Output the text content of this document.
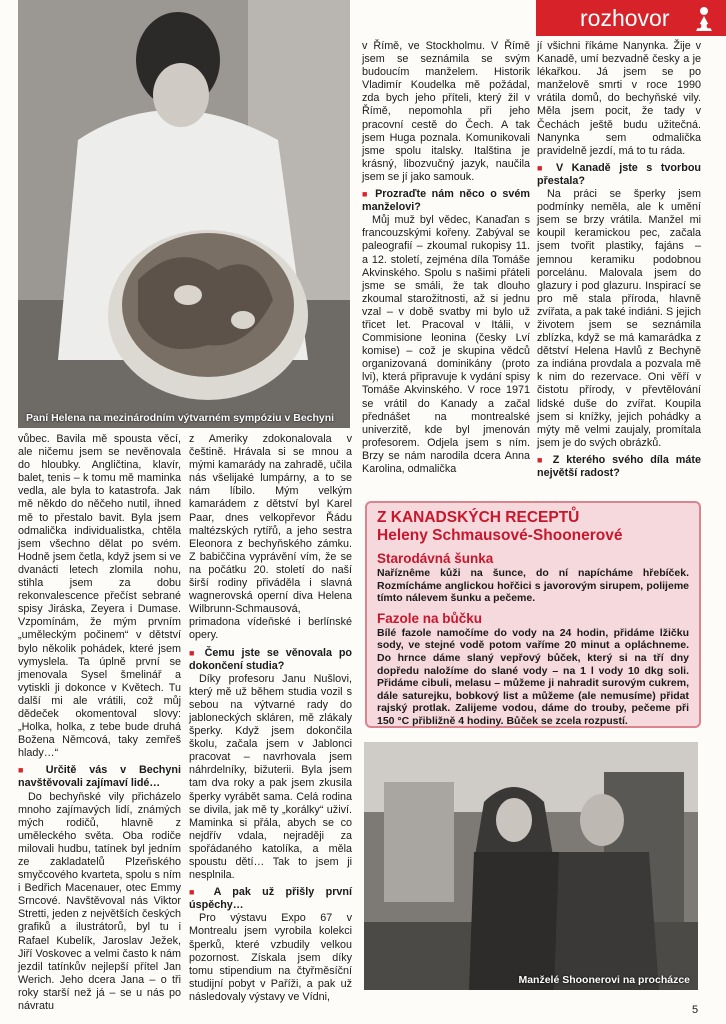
rozhovor
Paní Helena na mezinárodním výtvarném sympóziu v Bechyni

v Římě, ve Stockholmu. V Římě jsem se seznámila se svým budoucím manželem. Historik Vladimír Koudelka mě požádal, zda bych jeho příteli, který žil v Římě, nepomohla při jeho pracovní cestě do Čech. A tak jsem Huga poznala. Komunikovali jsme spolu italsky. Italština je krásný, libozvučný jazyk, naučila jsem se jí jako samouk.

■ Prozraďte nám něco o svém manželovi?

Můj muž byl vědec, Kanaďan s francouzskými kořeny. Zabýval se paleografií – zkoumal rukopisy 11. a 12. století, zejména díla Tomáše Akvinského. Spolu s našimi přáteli jsme se smáli, že tak dlouho zkoumal starožitnosti, až si jednu vzal – v době svatby mi bylo už třicet let. Pracoval v Itálii, v Commisione leonina (česky Lví komise) – což je skupina vědců organizovaná dominikány (proto lvi), která připravuje k vydání spisy Tomáše Akvinského. V roce 1971 se vrátil do Kanady a začal přednášet na montrealské univerzitě, kde byl jmenován profesorem. Odjela jsem s ním. Brzy se nám narodila dcera Anna Karolina, odmalička

jí všichni říkáme Nanynka. Žije v Kanadě, umí bezvadně česky a je lékařkou. Já jsem se po manželově smrti v roce 1990 vrátila domů, do bechyňské vily. Měla jsem pocit, že tady v Čechách ještě budu užitečná. Nanynka sem odmalička pravidelně jezdí, má to tu ráda.

■ V Kanadě jste s tvorbou přestala?

Na práci se šperky jsem podmínky neměla, ale k umění jsem se brzy vrátila. Manžel mi koupil keramickou pec, začala jsem tvořit plastiky, fajáns – jemnou keramiku podobnou porcelánu. Malovala jsem do glazury i pod glazuru. Inspirací se pro mě stala příroda, hlavně zvířata, a pak také indiáni. S jejich životem jsem se seznámila zblízka, když se má kamarádka z dětství Helena Havlů z Bechyně za indiána provdala a pozvala mě k nim do rezervace. Oni věří v čistotu přírody, v převtělování lidské duše do zvířat. Koupila jsem si knížky, jejich pohádky a mýty mě velmi zaujaly, promítala jsem je do svých obrázků.

■ Z kterého svého díla máte největší radost?

vůbec. Bavila mě spousta věcí, ale ničemu jsem se nevěnovala do hloubky. Angličtina, klavír, balet, tenis – k tomu mě maminka vedla, ale byla to katastrofa. Jak mě někdo do něčeho nutil, ihned mě to přestalo bavit. Byla jsem odmalička individualistka, chtěla jsem všechno dělat po svém. Hodně jsem četla, když jsem si ve dvanácti letech zlomila nohu, stihla jsem za dobu rekonvalescence přečíst sebrané spisy Jiráska, Zeyera i Dumase. Vzpomínám, že mým prvním „uměleckým počinem“ v dětství bylo několik pohádek, které jsem vymyslela. Ta úplně první se jmenovala Sysel šmelinář a vytiskli ji dokonce v Květech. Tu další mi ale vrátili, což můj dědeček okomentoval slovy: „Holka, holka, z tebe bude druhá Božena Němcová, taky zemřeš hlady…“

■ Určitě vás v Bechyni navštěvovali zajímaví lidé…

Do bechyňské vily přicházelo mnoho zajímavých lidí, známých mých rodičů, hlavně z uměleckého světa. Oba rodiče milovali hudbu, tatínek byl jedním ze zakladatelů Plzeňského smyčcového kvarteta, spolu s ním i Bedřich Macenauer, otec Emmy Srncové. Navštěvoval nás Viktor Stretti, jeden z největších českých grafiků a ilustrátorů, byl tu i Rafael Kubelík, Jaroslav Ježek, Jiří Voskovec a velmi často k nám jezdil tatínkův nejlepší přítel Jan Werich. Jeho dcera Jana – o tři roky starší než já – se u nás po návratu

z Ameriky zdokonalovala v češtině. Hrávala si se mnou a mými kamarády na zahradě, učila nás všelijaké lumpárny, a to se nám líbilo. Mým velkým kamarádem z dětství byl Karel Paar, dnes velkopřevor Řádu maltézských rytířů, a jeho sestra Eleonora z bechyňského zámku. Z babiččina vyprávění vím, že se na počátku 20. století do naší širší rodiny přiváděla i slavná wagnerovská operní diva Helena Wilbrunn-Schmausová, primadona vídeňské i berlínské opery.

■ Čemu jste se věnovala po dokončení studia?

Díky profesoru Janu Nušlovi, který mě už během studia vozil s sebou na výtvarné rady do jabloneckých skláren, mě zlákaly šperky. Když jsem dokončila školu, začala jsem v Jablonci pracovat – navrhovala jsem náhrdelníky, bižuterii. Byla jsem tam dva roky a pak jsem zkusila šperky vyrábět sama. Celá rodina se divila, jak mě ty „korálky“ uživí. Maminka si přála, abych se co nejdřív vdala, nejraději za spořádaného katolíka, a měla spoustu dětí… Tak to jsem ji nesplnila.

■ A pak už přišly první úspěchy…

Pro výstavu Expo 67 v Montrealu jsem vyrobila kolekci šperků, které vzbudily velkou pozornost. Získala jsem díky tomu stipendium na čtyřměsíční studijní pobyt v Paříži, a pak už následovaly výstavy ve Vídni,

Z KANADSKÝCH RECEPTŮ
Heleny Schmausové-Shoonerové
Starodávná šunka

Naříznême kůži na šunce, do ní napícháme hřebíček. Rozmícháme anglickou hořčici s javorovým sirupem, polijeme tímto nálevem šunku a pečeme.

Fazole na bůčku

Bílé fazole namočíme do vody na 24 hodin, přidáme lžičku sody, ve stejné vodě potom vaříme 20 minut a opláchneme. Do hrnce dáme slaný vepřový bůček, který si na tří dny dopředu naložíme do slané vody – na 1 l vody 10 dkg soli. Přidáme cibuli, melasu – můžeme ji nahradit surovým cukrem, dále saturejku, bobkový list a můžeme (ale nemusíme) přidat rajský protlak. Zalijeme vodou, dáme do trouby, pečeme při 150 °C přibližně 4 hodiny. Bůček se zcela rozpustí.

Manželé Shoonerovi na procházce
5
